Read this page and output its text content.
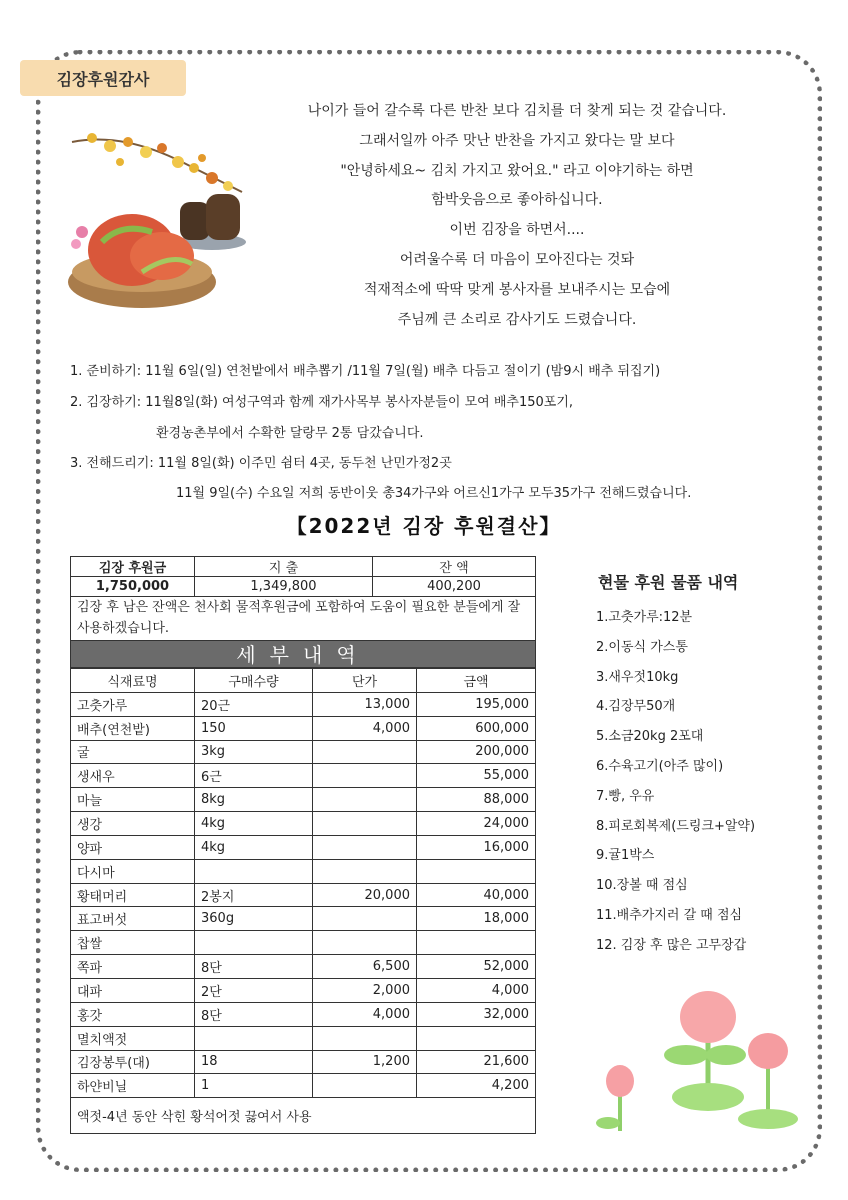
김장후원감사
나이가 들어 갈수록 다른 반찬 보다 김치를 더 찾게 되는 것 같습니다.
그래서일까 아주 맛난 반찬을 가지고 왔다는 말 보다
"안녕하세요~ 김치 가지고 왔어요." 라고 이야기하는 하면
함박웃음으로 좋아하십니다.
이번 김장을 하면서....
어려울수록 더 마음이 모아진다는 것돠
적재적소에 딱딱 맞게 봉사자를 보내주시는 모습에
주님께 큰 소리로 감사기도 드렸습니다.
1. 준비하기: 11월 6일(일) 연천밭에서 배추뽑기 /11월 7일(월) 배추 다듬고 절이기 (밤9시 배추 뒤집기)
2. 김장하기: 11월8일(화) 여성구역과 함께 재가사목부 봉사자분들이 모여 배추150포기,
환경농촌부에서 수확한 달랑무 2통 담갔습니다.
3. 전해드리기: 11월 8일(화) 이주민 쉼터 4곳, 동두천 난민가정2곳
11월 9일(수) 수요일 저희 동반이웃 총34가구와 어르신1가구 모두35가구 전해드렸습니다.
【2022년 김장 후원결산】
김장 후원금	지 출	잔 액
1,750,000	1,349,800	400,200
김장 후 남은 잔액은 천사회 물적후원금에 포함하여 도움이 필요한 분들에게 잘 사용하겠습니다.
세부내역
식재료명	구매수량	단가	금액
고춧가루	20근	13,000	195,000
배추(연천밭)	150	4,000	600,000
굴	3kg		200,000
생새우	6근		55,000
마늘	8kg		88,000
생강	4kg		24,000
양파	4kg		16,000
다시마			
황태머리	2봉지	20,000	40,000
표고버섯	360g		18,000
찹쌀			
쪽파	8단	6,500	52,000
대파	2단	2,000	4,000
홍갓	8단	4,000	32,000
멸치액젓			
김장봉투(대)	18	1,200	21,600
하얀비닐	1		4,200
액젓-4년 동안 삭힌 황석어젓 끓여서 사용
현물 후원 물품 내역
1.고춧가루:12분
2.이동식 가스통
3.새우젓10kg
4.김장무50개
5.소금20kg 2포대
6.수육고기(아주 많이)
7.빵, 우유
8.피로회복제(드링크+알약)
9.귤1박스
10.장볼 때 점심
11.배추가지러 갈 때 점심
12. 김장 후 많은 고무장갑
